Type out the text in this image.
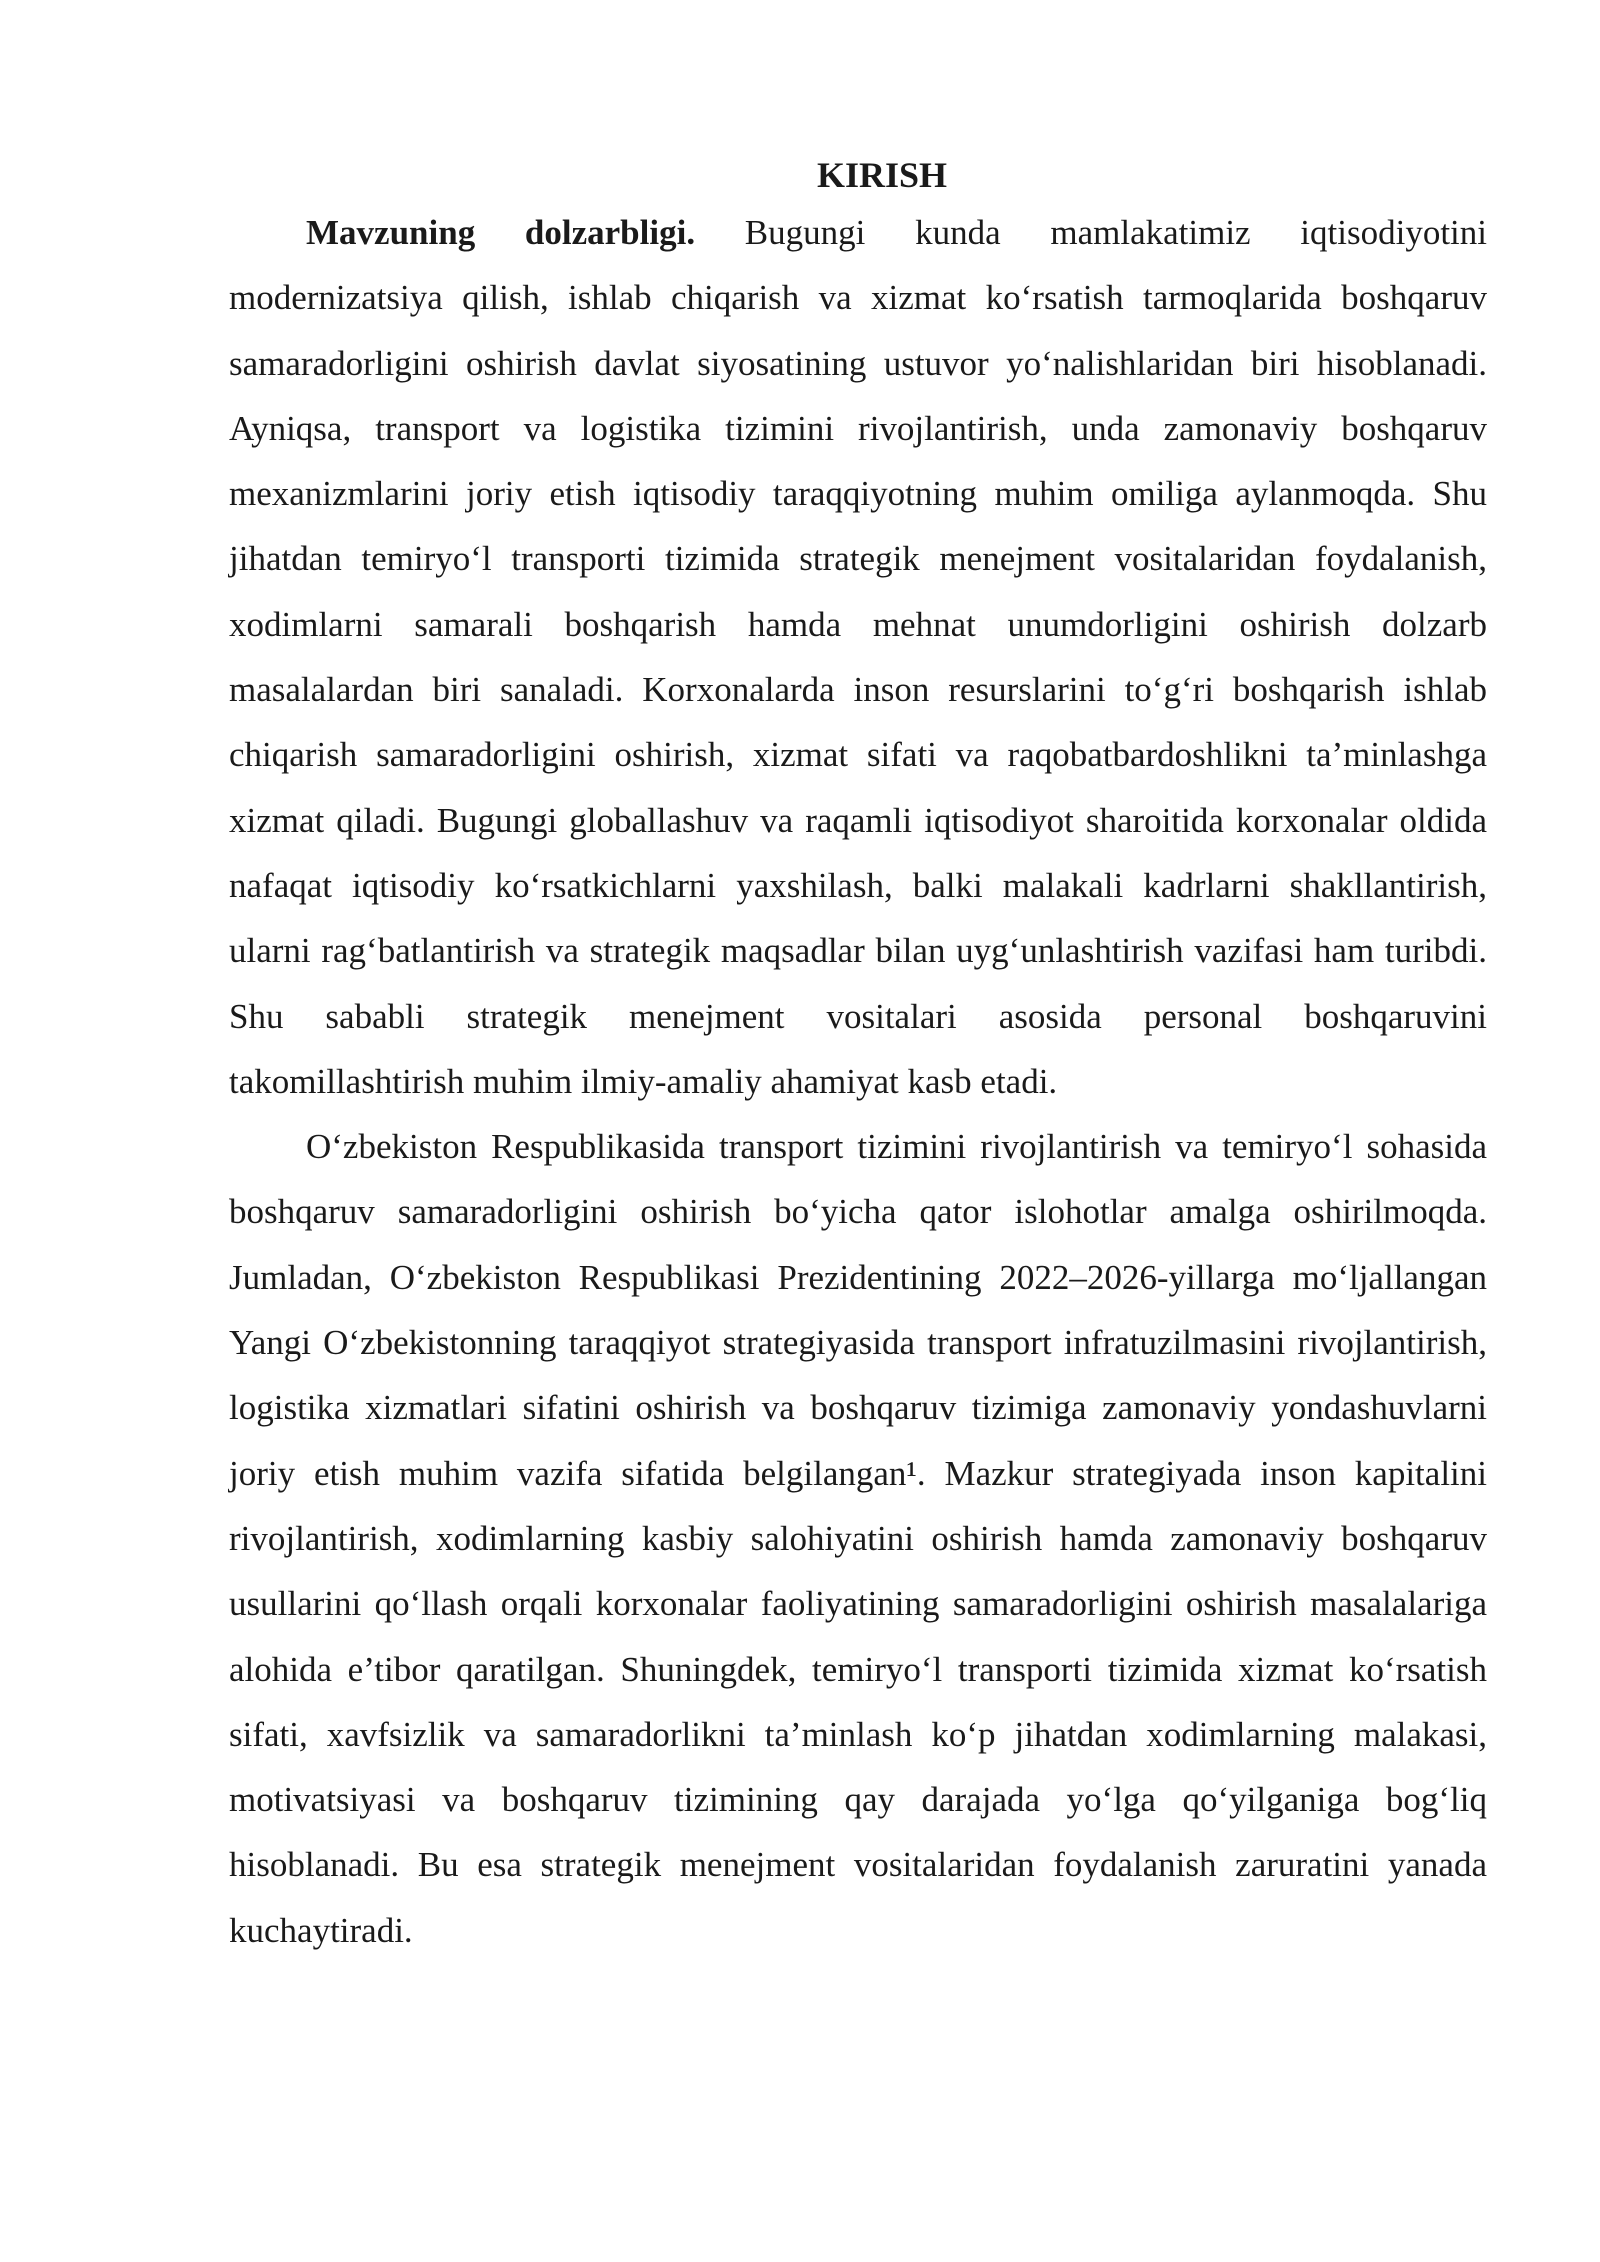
KIRISH

Mavzuning dolzarbligi. Bugungi kunda mamlakatimiz iqtisodiyotini modernizatsiya qilish, ishlab chiqarish va xizmat ko‘rsatish tarmoqlarida boshqaruv samaradorligini oshirish davlat siyosatining ustuvor yo‘nalishlaridan biri hisoblanadi. Ayniqsa, transport va logistika tizimini rivojlantirish, unda zamonaviy boshqaruv mexanizmlarini joriy etish iqtisodiy taraqqiyotning muhim omiliga aylanmoqda. Shu jihatdan temiryo‘l transporti tizimida strategik menejment vositalaridan foydalanish, xodimlarni samarali boshqarish hamda mehnat unumdorligini oshirish dolzarb masalalardan biri sanaladi. Korxonalarda inson resurslarini to‘g‘ri boshqarish ishlab chiqarish samaradorligini oshirish, xizmat sifati va raqobatbardoshlikni ta’minlashga xizmat qiladi. Bugungi globallashuv va raqamli iqtisodiyot sharoitida korxonalar oldida nafaqat iqtisodiy ko‘rsatkichlarni yaxshilash, balki malakali kadrlarni shakllantirish, ularni rag‘batlantirish va strategik maqsadlar bilan uyg‘unlashtirish vazifasi ham turibdi. Shu sababli strategik menejment vositalari asosida personal boshqaruvini takomillashtirish muhim ilmiy-amaliy ahamiyat kasb etadi.

O‘zbekiston Respublikasida transport tizimini rivojlantirish va temiryo‘l sohasida boshqaruv samaradorligini oshirish bo‘yicha qator islohotlar amalga oshirilmoqda. Jumladan, O‘zbekiston Respublikasi Prezidentining 2022–2026-yillarga mo‘ljallangan Yangi O‘zbekistonning taraqqiyot strategiyasida transport infratuzilmasini rivojlantirish, logistika xizmatlari sifatini oshirish va boshqaruv tizimiga zamonaviy yondashuvlarni joriy etish muhim vazifa sifatida belgilangan¹. Mazkur strategiyada inson kapitalini rivojlantirish, xodimlarning kasbiy salohiyatini oshirish hamda zamonaviy boshqaruv usullarini qo‘llash orqali korxonalar faoliyatining samaradorligini oshirish masalalariga alohida e’tibor qaratilgan. Shuningdek, temiryo‘l transporti tizimida xizmat ko‘rsatish sifati, xavfsizlik va samaradorlikni ta’minlash ko‘p jihatdan xodimlarning malakasi, motivatsiyasi va boshqaruv tizimining qay darajada yo‘lga qo‘yilganiga bog‘liq hisoblanadi. Bu esa strategik menejment vositalaridan foydalanish zaruratini yanada kuchaytiradi.
